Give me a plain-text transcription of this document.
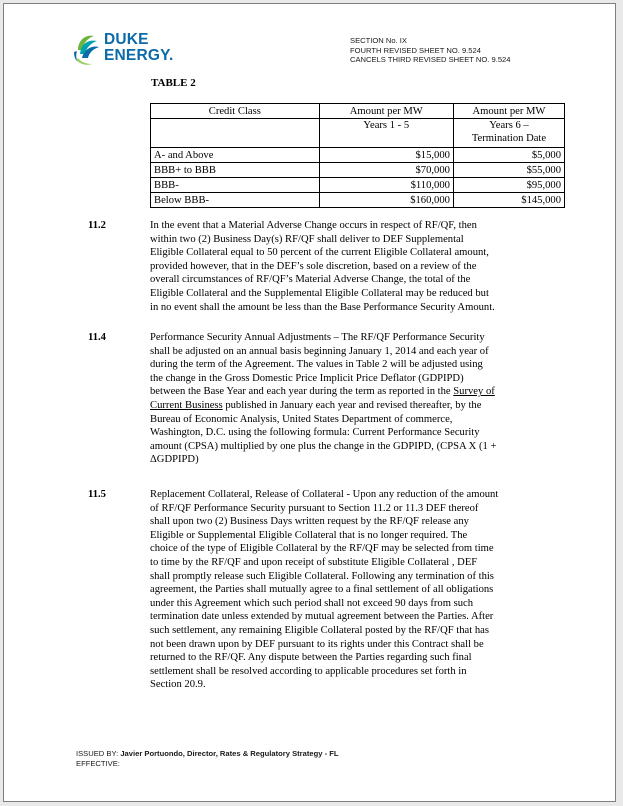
DUKE
ENERGY.
SECTION No. IX
FOURTH REVISED SHEET NO. 9.524
CANCELS THIRD REVISED SHEET NO. 9.524
TABLE 2
Credit Class	Amount per MW	Amount per MW
	Years 1 - 5	Years 6 –
Termination Date

A- and Above	$15,000	$5,000
BBB+ to BBB	$70,000	$55,000
BBB-	$110,000	$95,000
Below BBB-	$160,000	$145,000
11.2	In the event that a Material Adverse Change occurs in respect of RF/QF, then
within two (2) Business Day(s) RF/QF shall deliver to DEF Supplemental
Eligible Collateral equal to 50 percent of the current Eligible Collateral amount,
provided however, that in the DEF’s sole discretion, based on a review of the
overall circumstances of RF/QF’s Material Adverse Change, the total of the
Eligible Collateral and the Supplemental Eligible Collateral may be reduced but
in no event shall the amount be less than the Base Performance Security Amount.
11.4	Performance Security Annual Adjustments – The RF/QF Performance Security
shall be adjusted on an annual basis beginning January 1, 2014 and each year of
during the term of the Agreement. The values in Table 2 will be adjusted using
the change in the Gross Domestic Price Implicit Price Deflator (GDPIPD)
between the Base Year and each year during the term as reported in the Survey of
Current Business published in January each year and revised thereafter, by the
Bureau of Economic Analysis, United States Department of commerce,
Washington, D.C. using the following formula: Current Performance Security
amount (CPSA) multiplied by one plus the change in the GDPIPD, (CPSA X (1 +
ΔGDPIPD)
11.5	Replacement Collateral, Release of Collateral - Upon any reduction of the amount
of RF/QF Performance Security pursuant to Section 11.2 or 11.3 DEF thereof
shall upon two (2) Business Days written request by the RF/QF release any
Eligible or Supplemental Eligible Collateral that is no longer required. The
choice of the type of Eligible Collateral by the RF/QF may be selected from time
to time by the RF/QF and upon receipt of substitute Eligible Collateral , DEF
shall promptly release such Eligible Collateral. Following any termination of this
agreement, the Parties shall mutually agree to a final settlement of all obligations
under this Agreement which such period shall not exceed 90 days from such
termination date unless extended by mutual agreement between the Parties. After
such settlement, any remaining Eligible Collateral posted by the RF/QF that has
not been drawn upon by DEF pursuant to its rights under this Contract shall be
returned to the RF/QF. Any dispute between the Parties regarding such final
settlement shall be resolved according to applicable procedures set forth in
Section 20.9.
ISSUED BY: Javier Portuondo, Director, Rates & Regulatory Strategy - FL
EFFECTIVE:
